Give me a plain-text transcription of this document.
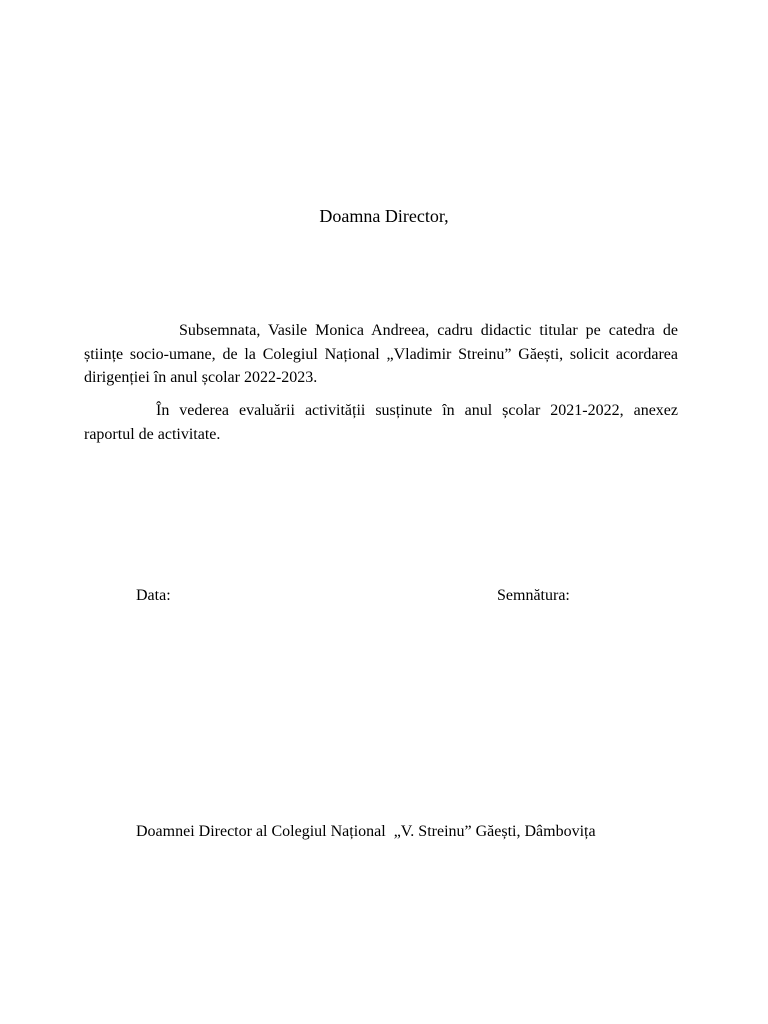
Doamna Director,

Subsemnata, Vasile Monica Andreea, cadru didactic titular pe catedra de științe socio-umane, de la Colegiul Național „Vladimir Streinu” Găești, solicit acordarea dirigenției în anul școlar 2022-2023.

În vederea evaluării activității susținute în anul școlar 2021-2022, anexez raportul de activitate.

Data:	Semnătura:
Doamnei Director al Colegiul Național  „V. Streinu” Găești, Dâmbovița
